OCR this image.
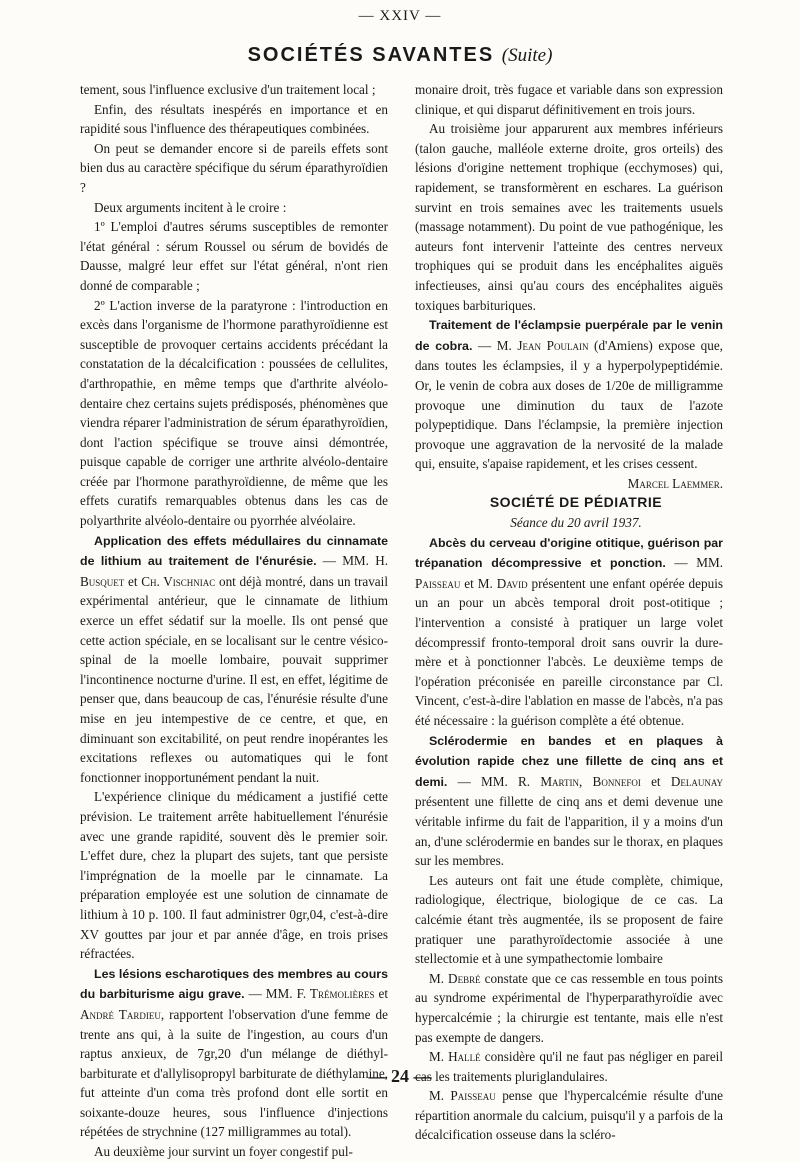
— XXIV —
SOCIÉTÉS SAVANTES (Suite)

tement, sous l'influence exclusive d'un traitement local ;

Enfin, des résultats inespérés en importance et en rapidité sous l'influence des thérapeutiques combinées.

On peut se demander encore si de pareils effets sont bien dus au caractère spécifique du sérum éparathyroïdien ?

Deux arguments incitent à le croire :

1º L'emploi d'autres sérums susceptibles de remonter l'état général : sérum Roussel ou sérum de bovidés de Dausse, malgré leur effet sur l'état général, n'ont rien donné de comparable ;

2º L'action inverse de la paratyrone : l'introduction en excès dans l'organisme de l'hormone parathyroïdienne est susceptible de provoquer certains accidents précédant la constatation de la décalcification : poussées de cellulites, d'arthropathie, en même temps que d'arthrite alvéolo-dentaire chez certains sujets prédisposés, phénomènes que viendra réparer l'administration de sérum éparathyroïdien, dont l'action spécifique se trouve ainsi démontrée, puisque capable de corriger une arthrite alvéolo-dentaire créée par l'hormone parathyroïdienne, de même que les effets curatifs remarquables obtenus dans les cas de polyarthrite alvéolo-dentaire ou pyorrhée alvéolaire.

Application des effets médullaires du cinnamate de lithium au traitement de l'énurésie. — MM. H. Busquet et Ch. Vischniac ont déjà montré, dans un travail expérimental antérieur, que le cinnamate de lithium exerce un effet sédatif sur la moelle. Ils ont pensé que cette action spéciale, en se localisant sur le centre vésico-spinal de la moelle lombaire, pouvait supprimer l'incontinence nocturne d'urine. Il est, en effet, légitime de penser que, dans beaucoup de cas, l'énurésie résulte d'une mise en jeu intempestive de ce centre, et que, en diminuant son excitabilité, on peut rendre inopérantes les excitations reflexes ou automatiques qui le font fonctionner inopportunément pendant la nuit.

L'expérience clinique du médicament a justifié cette prévision. Le traitement arrête habituellement l'énurésie avec une grande rapidité, souvent dès le premier soir. L'effet dure, chez la plupart des sujets, tant que persiste l'imprégnation de la moelle par le cinnamate. La préparation employée est une solution de cinnamate de lithium à 10 p. 100. Il faut administrer 0gr,04, c'est-à-dire XV gouttes par jour et par année d'âge, en trois prises réfractées.

Les lésions escharotiques des membres au cours du barbiturisme aigu grave. — MM. F. Trémolières et André Tardieu, rapportent l'observation d'une femme de trente ans qui, à la suite de l'ingestion, au cours d'un raptus anxieux, de 7gr,20 d'un mélange de diéthyl-barbiturate et d'allylisopropyl barbiturate de diéthylamine, fut atteinte d'un coma très profond dont elle sortit en soixante-douze heures, sous l'influence d'injections répétées de strychnine (127 milligrammes au total).

Au deuxième jour survint un foyer congestif pul-

monaire droit, très fugace et variable dans son expression clinique, et qui disparut définitivement en trois jours.

Au troisième jour apparurent aux membres inférieurs (talon gauche, malléole externe droite, gros orteils) des lésions d'origine nettement trophique (ecchymoses) qui, rapidement, se transformèrent en eschares. La guérison survint en trois semaines avec les traitements usuels (massage notamment). Du point de vue pathogénique, les auteurs font intervenir l'atteinte des centres nerveux trophiques qui se produit dans les encéphalites aiguës infectieuses, ainsi qu'au cours des encéphalites aiguës toxiques barbituriques.

Traitement de l'éclampsie puerpérale par le venin de cobra. — M. Jean Poulain (d'Amiens) expose que, dans toutes les éclampsies, il y a hyperpolypeptidémie. Or, le venin de cobra aux doses de 1/20e de milligramme provoque une diminution du taux de l'azote polypeptidique. Dans l'éclampsie, la première injection provoque une aggravation de la nervosité de la malade qui, ensuite, s'apaise rapidement, et les crises cessent.

Marcel Laemmer.

SOCIÉTÉ DE PÉDIATRIE

Séance du 20 avril 1937.

Abcès du cerveau d'origine otitique, guérison par trépanation décompressive et ponction. — MM. Paisseau et M. David présentent une enfant opérée depuis un an pour un abcès temporal droit post-otitique ; l'intervention a consisté à pratiquer un large volet décompressif fronto-temporal droit sans ouvrir la dure-mère et à ponctionner l'abcès. Le deuxième temps de l'opération préconisée en pareille circonstance par Cl. Vincent, c'est-à-dire l'ablation en masse de l'abcès, n'a pas été nécessaire : la guérison complète a été obtenue.

Sclérodermie en bandes et en plaques à évolution rapide chez une fillette de cinq ans et demi. — MM. R. Martin, Bonnefoi et Delaunay présentent une fillette de cinq ans et demi devenue une véritable infirme du fait de l'apparition, il y a moins d'un an, d'une sclérodermie en bandes sur le thorax, en plaques sur les membres.

Les auteurs ont fait une étude complète, chimique, radiologique, électrique, biologique de ce cas. La calcémie étant très augmentée, ils se proposent de faire pratiquer une parathyroïdectomie associée à une stellectomie et à une sympathectomie lombaire

M. Debré constate que ce cas ressemble en tous points au syndrome expérimental de l'hyperparathyroïdie avec hypercalcémie ; la chirurgie est tentante, mais elle n'est pas exempte de dangers.

M. Hallé considère qu'il ne faut pas négliger en pareil cas les traitements pluriglandulaires.

M. Paisseau pense que l'hypercalcémie résulte d'une répartition anormale du calcium, puisqu'il y a parfois de la décalcification osseuse dans la scléro-

— 24 —
